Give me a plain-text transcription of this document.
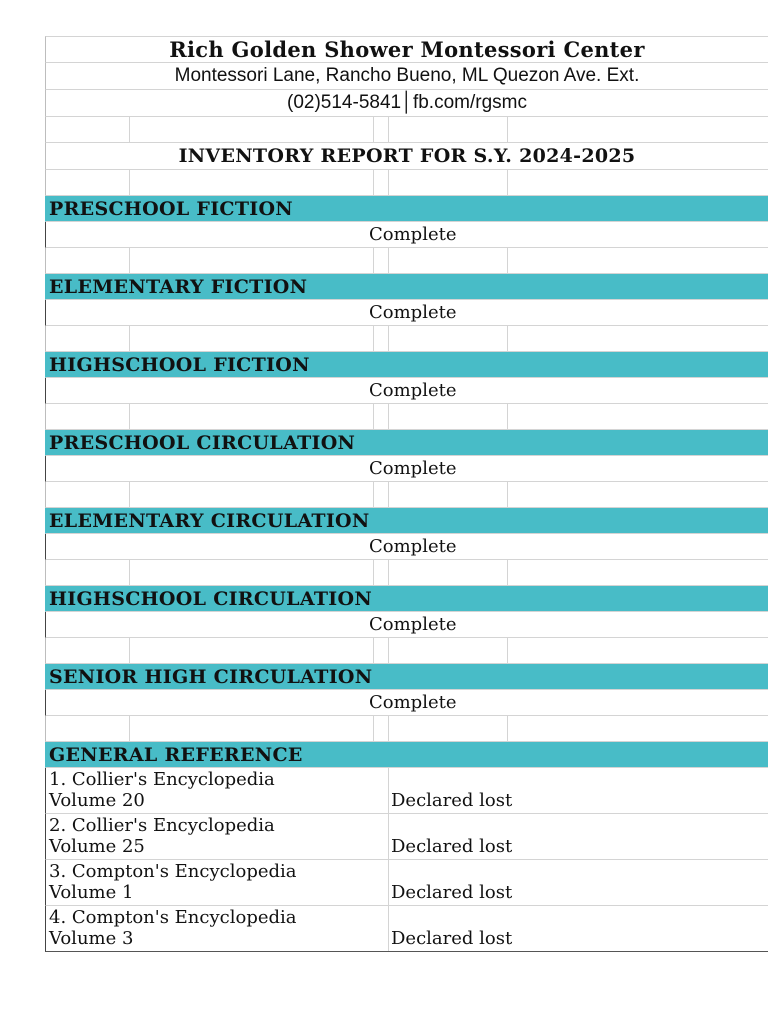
Rich Golden Shower Montessori Center
Montessori Lane, Rancho Bueno, ML Quezon Ave. Ext.
(02)514-5841│fb.com/rgsmc
INVENTORY REPORT FOR S.Y. 2024-2025
PRESCHOOL FICTION
Complete
ELEMENTARY FICTION
Complete
HIGHSCHOOL FICTION
Complete
PRESCHOOL CIRCULATION
Complete
ELEMENTARY CIRCULATION
Complete
HIGHSCHOOL CIRCULATION
Complete
SENIOR HIGH CIRCULATION
Complete
GENERAL REFERENCE
1. Collier's Encyclopedia
Volume 20	Declared lost
2. Collier's Encyclopedia
Volume 25	Declared lost
3. Compton's Encyclopedia
Volume 1	Declared lost
4. Compton's Encyclopedia
Volume 3	Declared lost
